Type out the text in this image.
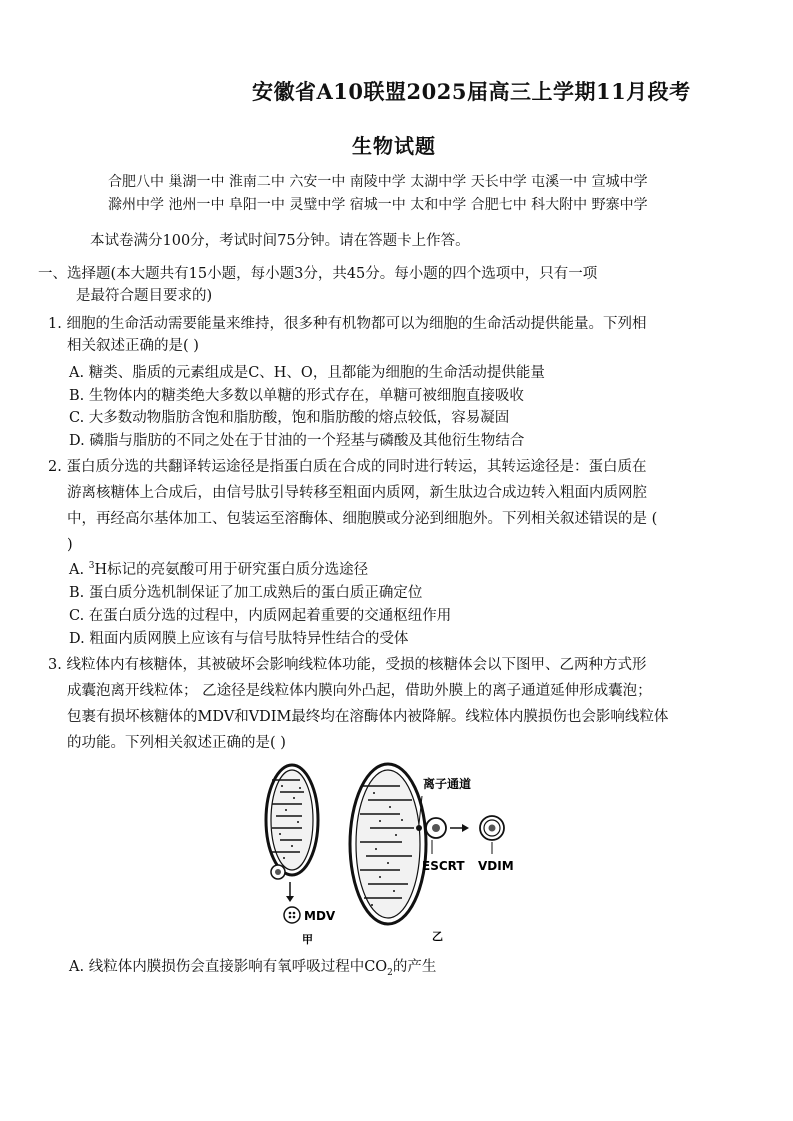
安徽省A10联盟2025届高三上学期11月段考
生物试题
合肥八中 巢湖一中 淮南二中 六安一中 南陵中学 太湖中学 天长中学 屯溪一中 宣城中学
滁州中学 池州一中 阜阳一中 灵璧中学 宿城一中 太和中学 合肥七中 科大附中 野寨中学
本试卷满分100分，考试时间75分钟。请在答题卡上作答。
一、选择题(本大题共有15小题，每小题3分，共45分。每小题的四个选项中，只有一项
是最符合题目要求的)
1. 细胞的生命活动需要能量来维持，很多种有机物都可以为细胞的生命活动提供能量。下列相
相关叙述正确的是( )
A. 糖类、脂质的元素组成是C、H、O，且都能为细胞的生命活动提供能量
B. 生物体内的糖类绝大多数以单糖的形式存在，单糖可被细胞直接吸收
C. 大多数动物脂肪含饱和脂肪酸，饱和脂肪酸的熔点较低，容易凝固
D. 磷脂与脂肪的不同之处在于甘油的一个羟基与磷酸及其他衍生物结合
2. 蛋白质分选的共翻译转运途径是指蛋白质在合成的同时进行转运，其转运途径是：蛋白质在
游离核糖体上合成后，由信号肽引导转移至粗面内质网，新生肽边合成边转入粗面内质网腔
中，再经高尔基体加工、包装运至溶酶体、细胞膜或分泌到细胞外。下列相关叙述错误的是 (
)
A. $^3$H标记的亮氨酸可用于研究蛋白质分选途径
B. 蛋白质分选机制保证了加工成熟后的蛋白质正确定位
C. 在蛋白质分选的过程中，内质网起着重要的交通枢纽作用
D. 粗面内质网膜上应该有与信号肽特异性结合的受体
3. 线粒体内有核糖体，其被破坏会影响线粒体功能，受损的核糖体会以下图甲、乙两种方式形
成囊泡离开线粒体； 乙途径是线粒体内膜向外凸起，借助外膜上的离子通道延伸形成囊泡；
包裹有损坏核糖体的MDV和VDIM最终均在溶酶体内被降解。线粒体内膜损伤也会影响线粒体
的功能。下列相关叙述正确的是( )
MDV
甲
离子通道
ESCRT VDIM
乙
A. 线粒体内膜损伤会直接影响有氧呼吸过程中$CO_2$的产生
